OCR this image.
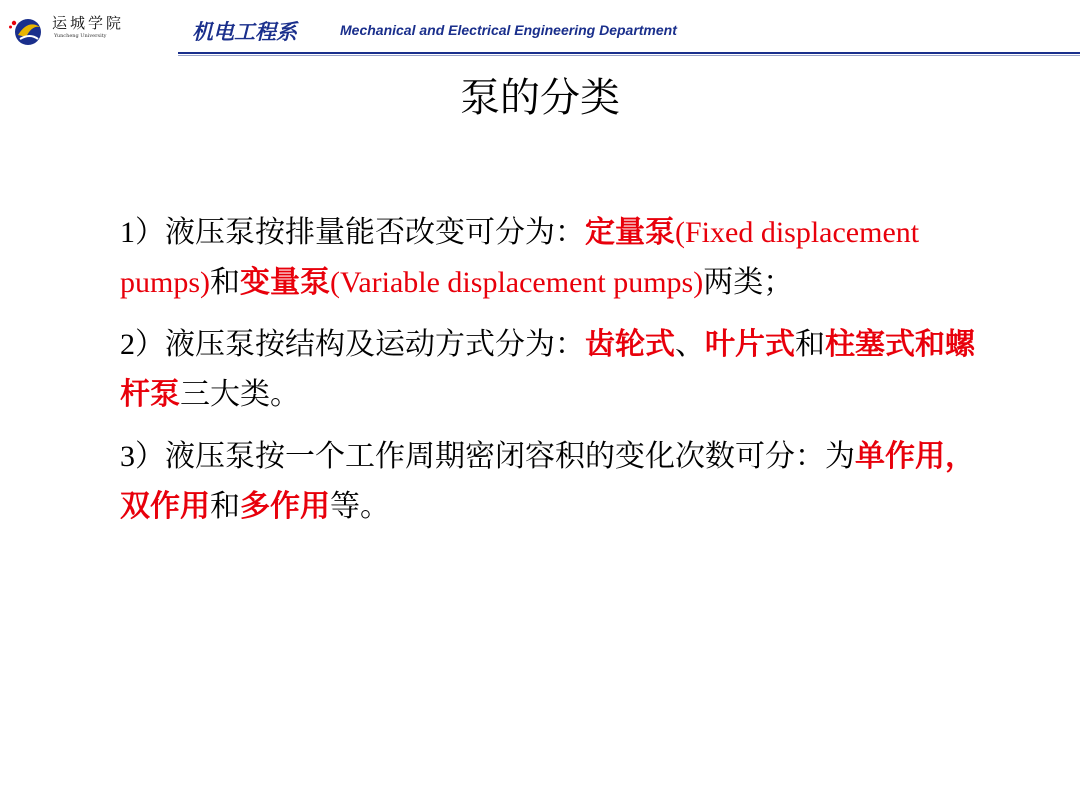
运城学院
Yuncheng University	机电工程系	Mechanical and Electrical Engineering Department
泵的分类

1）液压泵按排量能否改变可分为：定量泵(Fixed displacement pumps)和变量泵(Variable displacement pumps)两类；

2）液压泵按结构及运动方式分为：齿轮式、叶片式和柱塞式和螺杆泵三大类。

3）液压泵按一个工作周期密闭容积的变化次数可分：为单作用，双作用和多作用等。
